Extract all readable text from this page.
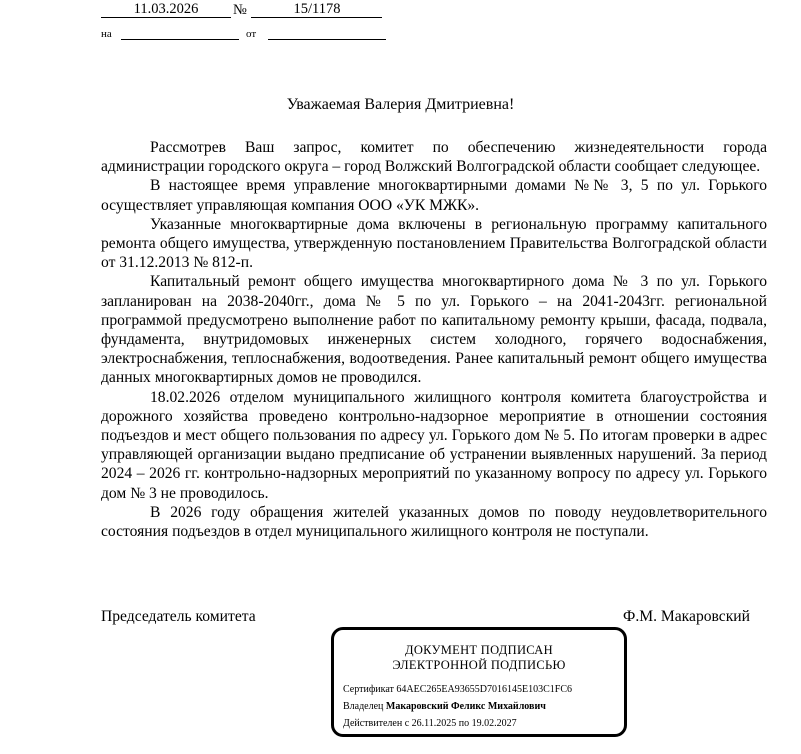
11.03.2026	№	15/1178
на	от
Уважаемая Валерия Дмитриевна!

Рассмотрев Ваш запрос, комитет по обеспечению жизнедеятельности города администрации городского округа – город Волжский Волгоградской области сообщает следующее.

В настоящее время управление многоквартирными домами №№ 3, 5 по ул. Горького осуществляет управляющая компания ООО «УК МЖК».

Указанные многоквартирные дома включены в региональную программу капитального ремонта общего имущества, утвержденную постановлением Правительства Волгоградской области от 31.12.2013 № 812-п.

Капитальный ремонт общего имущества многоквартирного дома № 3 по ул. Горького запланирован на 2038-2040гг., дома № 5 по ул. Горького – на 2041-2043гг. региональной программой предусмотрено выполнение работ по капитальному ремонту крыши, фасада, подвала, фундамента, внутридомовых инженерных систем холодного, горячего водоснабжения, электроснабжения, теплоснабжения, водоотведения. Ранее капитальный ремонт общего имущества данных многоквартирных домов не проводился.

18.02.2026 отделом муниципального жилищного контроля комитета благоустройства и дорожного хозяйства проведено контрольно-надзорное мероприятие в отношении состояния подъездов и мест общего пользования по адресу ул. Горького дом № 5. По итогам проверки в адрес управляющей организации выдано предписание об устранении выявленных нарушений. За период 2024 – 2026 гг. контрольно-надзорных мероприятий по указанному вопросу по адресу ул. Горького дом № 3 не проводилось.

В 2026 году обращения жителей указанных домов по поводу неудовлетворительного состояния подъездов в отдел муниципального жилищного контроля не поступали.

Председатель комитета	Ф.М. Макаровский
ДОКУМЕНТ ПОДПИСАН
ЭЛЕКТРОННОЙ ПОДПИСЬЮ
Сертификат 64AEC265EA93655D7016145E103C1FC6
Владелец Макаровский Феликс Михайлович
Действителен с 26.11.2025 по 19.02.2027
